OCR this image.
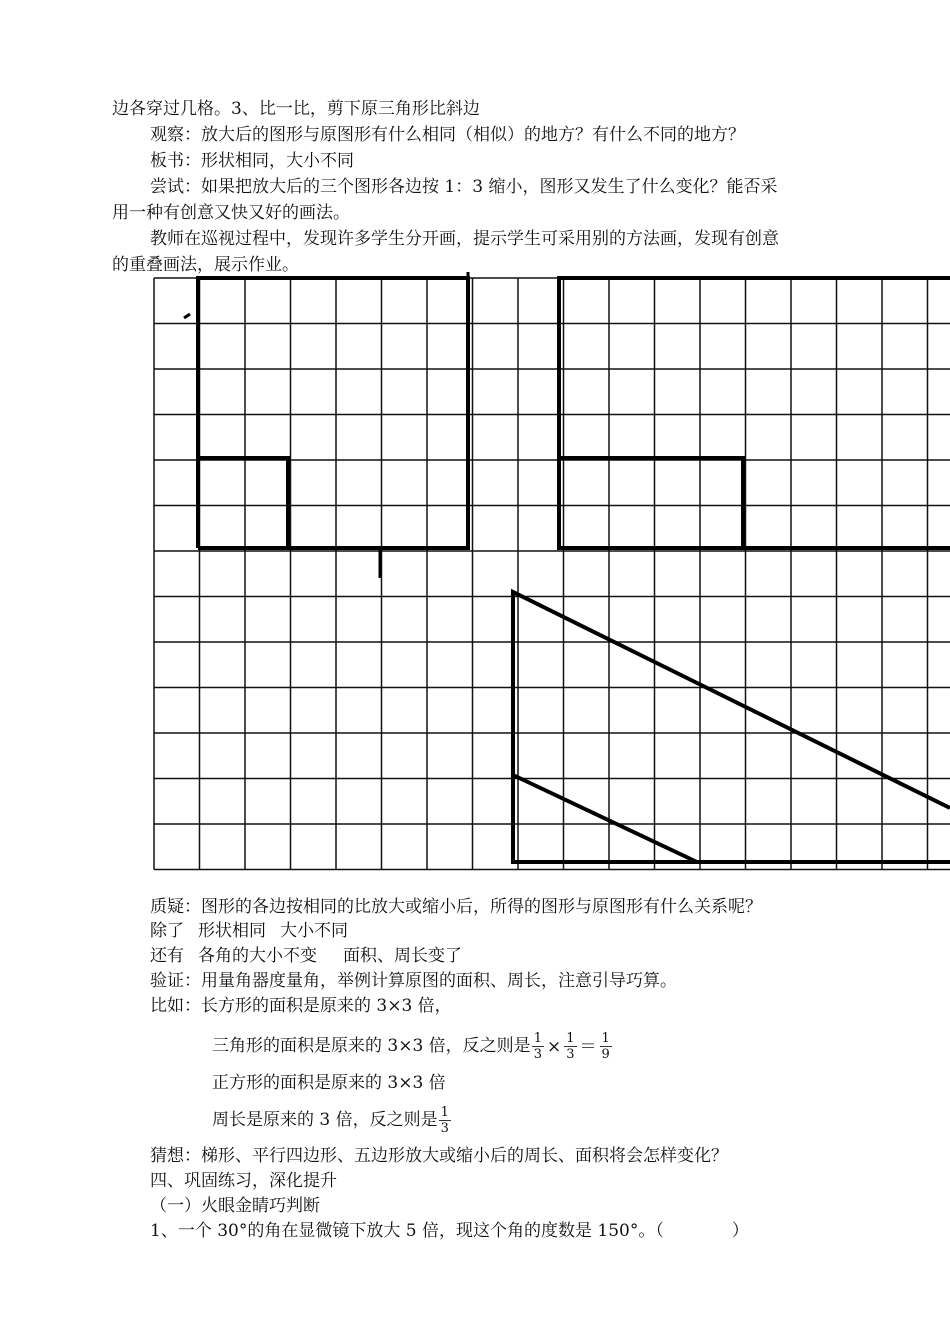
边各穿过几格。3、比一比，剪下原三角形比斜边
观察：放大后的图形与原图形有什么相同（相似）的地方？有什么不同的地方？
板书：形状相同，大小不同
尝试：如果把放大后的三个图形各边按 1：3 缩小，图形又发生了什么变化？能否采
用一种有创意又快又好的画法。
教师在巡视过程中，发现许多学生分开画，提示学生可采用别的方法画，发现有创意
的重叠画法，展示作业。
质疑：图形的各边按相同的比放大或缩小后，所得的图形与原图形有什么关系呢？
除了 形状相同 大小不同
还有 各角的大小不变 面积、周长变了
验证：用量角器度量角，举例计算原图的面积、周长，注意引导巧算。
比如：长方形的面积是原来的 3×3 倍，
三角形的面积是原来的 3×3 倍，反之则是 $\frac{1}{3} \times \frac{1}{3} = \frac{1}{9}$
正方形的面积是原来的 3×3 倍
周长是原来的 3 倍，反之则是 $\frac{1}{3}$
猜想：梯形、平行四边形、五边形放大或缩小后的周长、面积将会怎样变化？
四、巩固练习，深化提升
（一）火眼金睛巧判断
1、一个 30°的角在显微镜下放大 5 倍，现这个角的度数是 150°。（　　　　）
